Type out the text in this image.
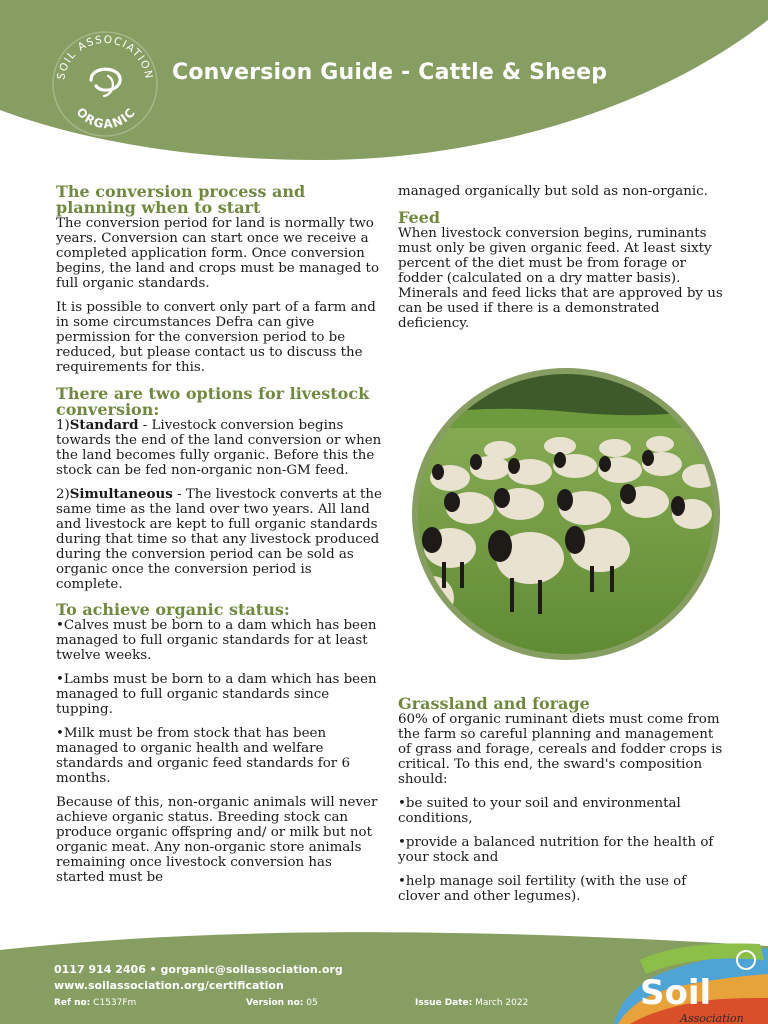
SOIL ASSOCIATION
ORGANIC
Conversion Guide - Cattle & Sheep
The conversion process and planning when to start

The conversion period for land is normally two years. Conversion can start once we receive a completed application form. Once conversion begins, the land and crops must be managed to full organic standards.

It is possible to convert only part of a farm and in some circumstances Defra can give permission for the conversion period to be reduced, but please contact us to discuss the requirements for this.

There are two options for livestock conversion:

1)Standard - Livestock conversion begins towards the end of the land conversion or when the land becomes fully organic. Before this the stock can be fed non-organic non-GM feed.

2)Simultaneous - The livestock converts at the same time as the land over two years. All land and livestock are kept to full organic standards during that time so that any livestock produced during the conversion period can be sold as organic once the conversion period is complete.

To achieve organic status:

•Calves must be born to a dam which has been managed to full organic standards for at least twelve weeks.

•Lambs must be born to a dam which has been managed to full organic standards since tupping.

•Milk must be from stock that has been managed to organic health and welfare standards and organic feed standards for 6 months.

Because of this, non-organic animals will never achieve organic status. Breeding stock can produce organic offspring and/ or milk but not organic meat. Any non-organic store animals remaining once livestock conversion has started must be

managed organically but sold as non-organic.

Feed

When livestock conversion begins, ruminants must only be given organic feed. At least sixty percent of the diet must be from forage or fodder (calculated on a dry matter basis). Minerals and feed licks that are approved by us can be used if there is a demonstrated deficiency.

Grassland and forage

60% of organic ruminant diets must come from the farm so careful planning and management of grass and forage, cereals and fodder crops is critical. To this end, the sward's composition should:

•be suited to your soil and environmental conditions,

•provide a balanced nutrition for the health of your stock and

•help manage soil fertility (with the use of clover and other legumes).

0117 914 2406 • gorganic@soilassociation.org
www.soilassociation.org/certification
Ref no: C1537Fm	Version no: 05	Issue Date: March 2022	Soil
Association
